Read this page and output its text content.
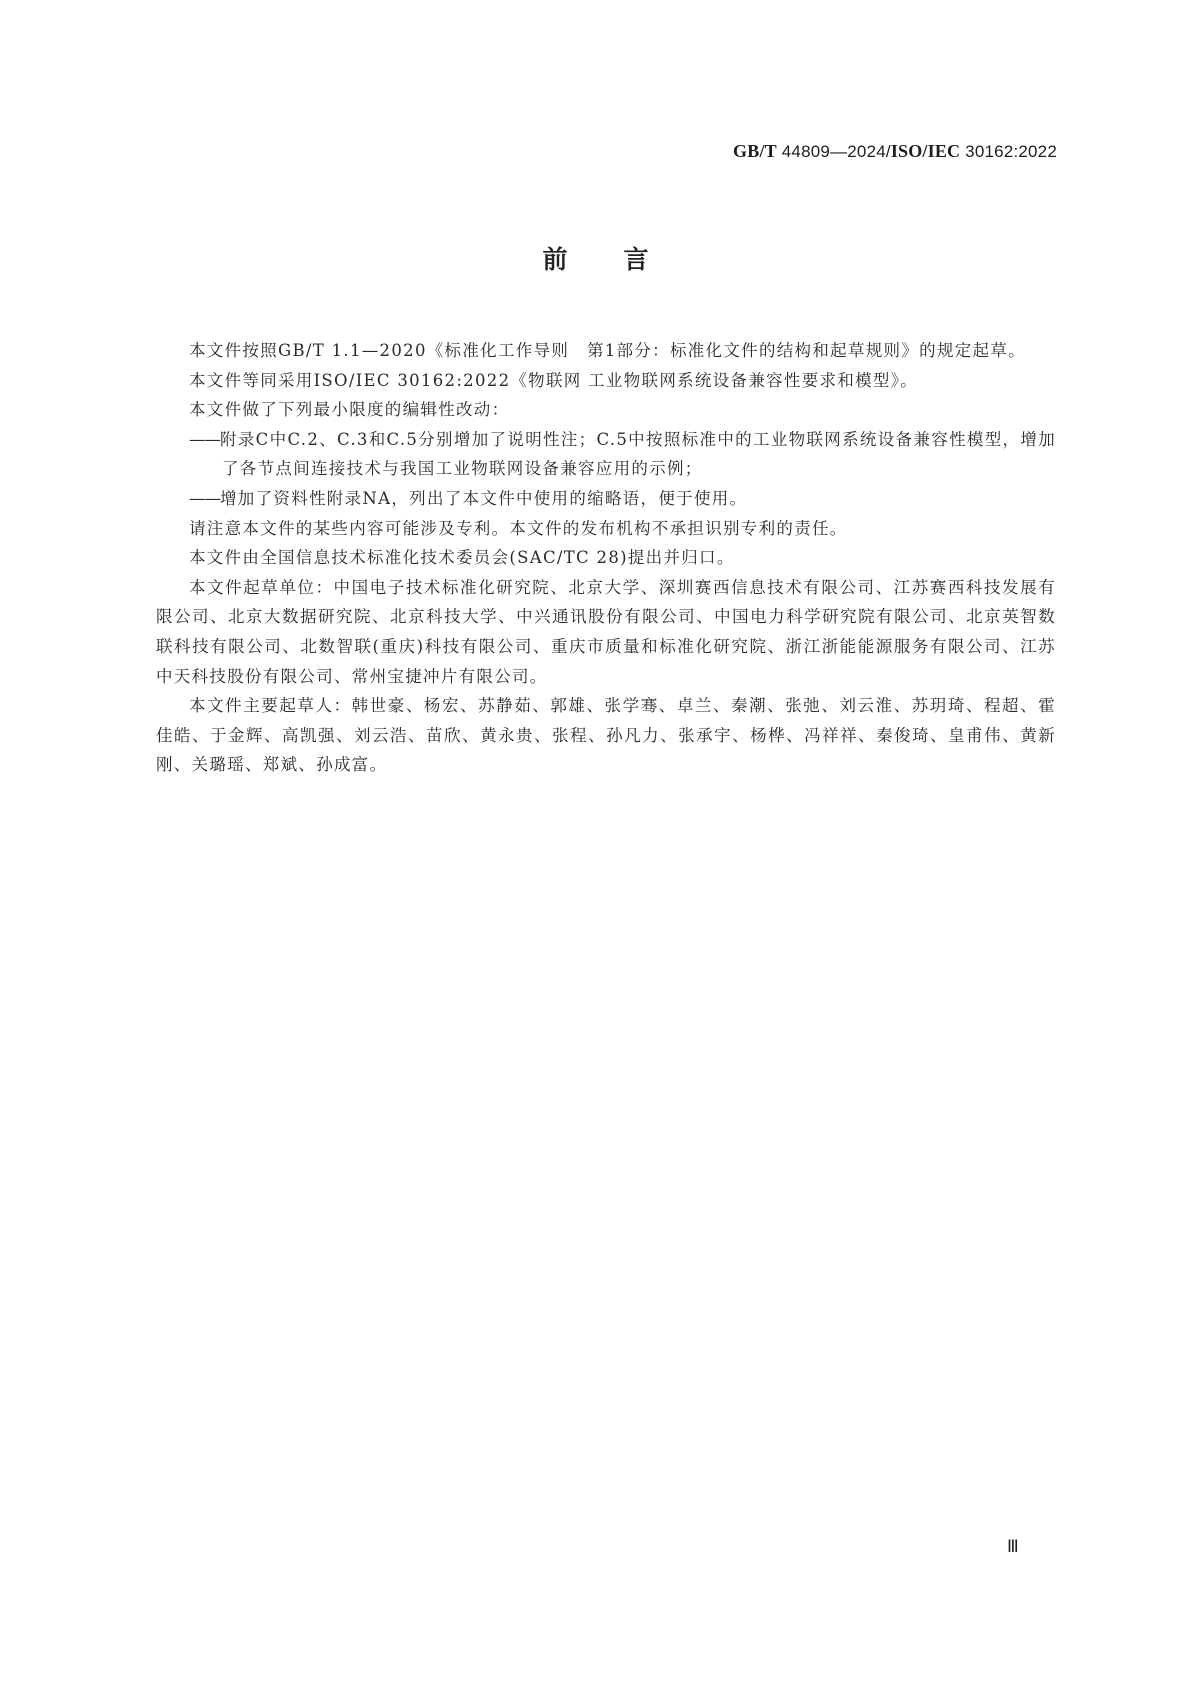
GB/T 44809—2024/ISO/IEC 30162:2022
前言

本文件按照GB/T 1.1—2020《标准化工作导则　第1部分：标准化文件的结构和起草规则》的规定起草。

本文件等同采用ISO/IEC 30162:2022《物联网 工业物联网系统设备兼容性要求和模型》。

本文件做了下列最小限度的编辑性改动：

——附录C中C.2、C.3和C.5分别增加了说明性注；C.5中按照标准中的工业物联网系统设备兼容性模型，增加了各节点间连接技术与我国工业物联网设备兼容应用的示例；

——增加了资料性附录NA，列出了本文件中使用的缩略语，便于使用。

请注意本文件的某些内容可能涉及专利。本文件的发布机构不承担识别专利的责任。

本文件由全国信息技术标准化技术委员会(SAC/TC 28)提出并归口。

本文件起草单位：中国电子技术标准化研究院、北京大学、深圳赛西信息技术有限公司、江苏赛西科技发展有限公司、北京大数据研究院、北京科技大学、中兴通讯股份有限公司、中国电力科学研究院有限公司、北京英智数联科技有限公司、北数智联(重庆)科技有限公司、重庆市质量和标准化研究院、浙江浙能能源服务有限公司、江苏中天科技股份有限公司、常州宝捷冲片有限公司。

本文件主要起草人：韩世豪、杨宏、苏静茹、郭雄、张学骞、卓兰、秦潮、张弛、刘云淮、苏玥琦、程超、霍佳皓、于金辉、高凯强、刘云浩、苗欣、黄永贵、张程、孙凡力、张承宇、杨桦、冯祥祥、秦俊琦、皇甫伟、黄新刚、关璐瑶、郑斌、孙成富。

Ⅲ
